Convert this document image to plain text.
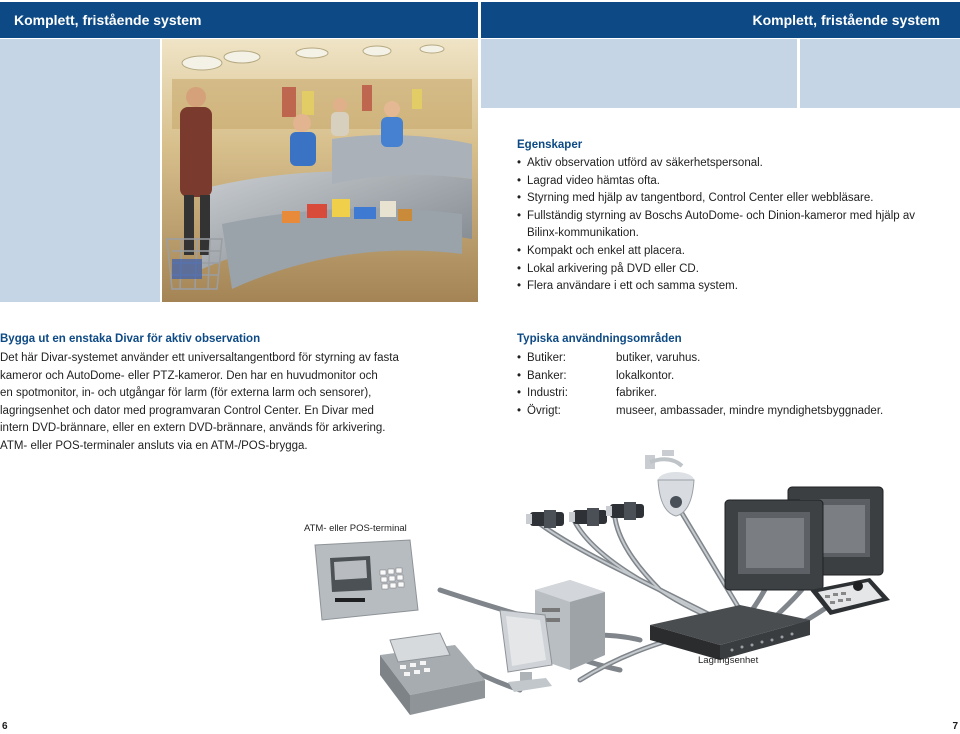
Komplett, fristående system	Komplett, fristående system
Egenskaper
• Aktiv observation utförd av säkerhetspersonal.
• Lagrad video hämtas ofta.
• Styrning med hjälp av tangentbord, Control Center eller webbläsare.
• Fullständig styrning av Boschs AutoDome- och Dinion-kameror med hjälp av Bilinx-kommunikation.
• Kompakt och enkel att placera.
• Lokal arkivering på DVD eller CD.
• Flera användare i ett och samma system.
Bygga ut en enstaka Divar för aktiv observation
Det här Divar-systemet använder ett universaltangentbord för styrning av fasta
kameror och AutoDome- eller PTZ-kameror. Den har en huvudmonitor och
en spotmonitor, in- och utgångar för larm (för externa larm och sensorer),
lagringsenhet och dator med programvaran Control Center. En Divar med
intern DVD-brännare, eller en extern DVD-brännare, används för arkivering.
ATM- eller POS-terminaler ansluts via en ATM-/POS-brygga.
Typiska användningsområden
• Butiker:	butiker, varuhus.
• Banker:	lokalkontor.
• Industri:	fabriker.
• Övrigt:	museer, ambassader, mindre myndighetsbyggnader.
ATM- eller POS-terminal
Lagringsenhet
6	7
